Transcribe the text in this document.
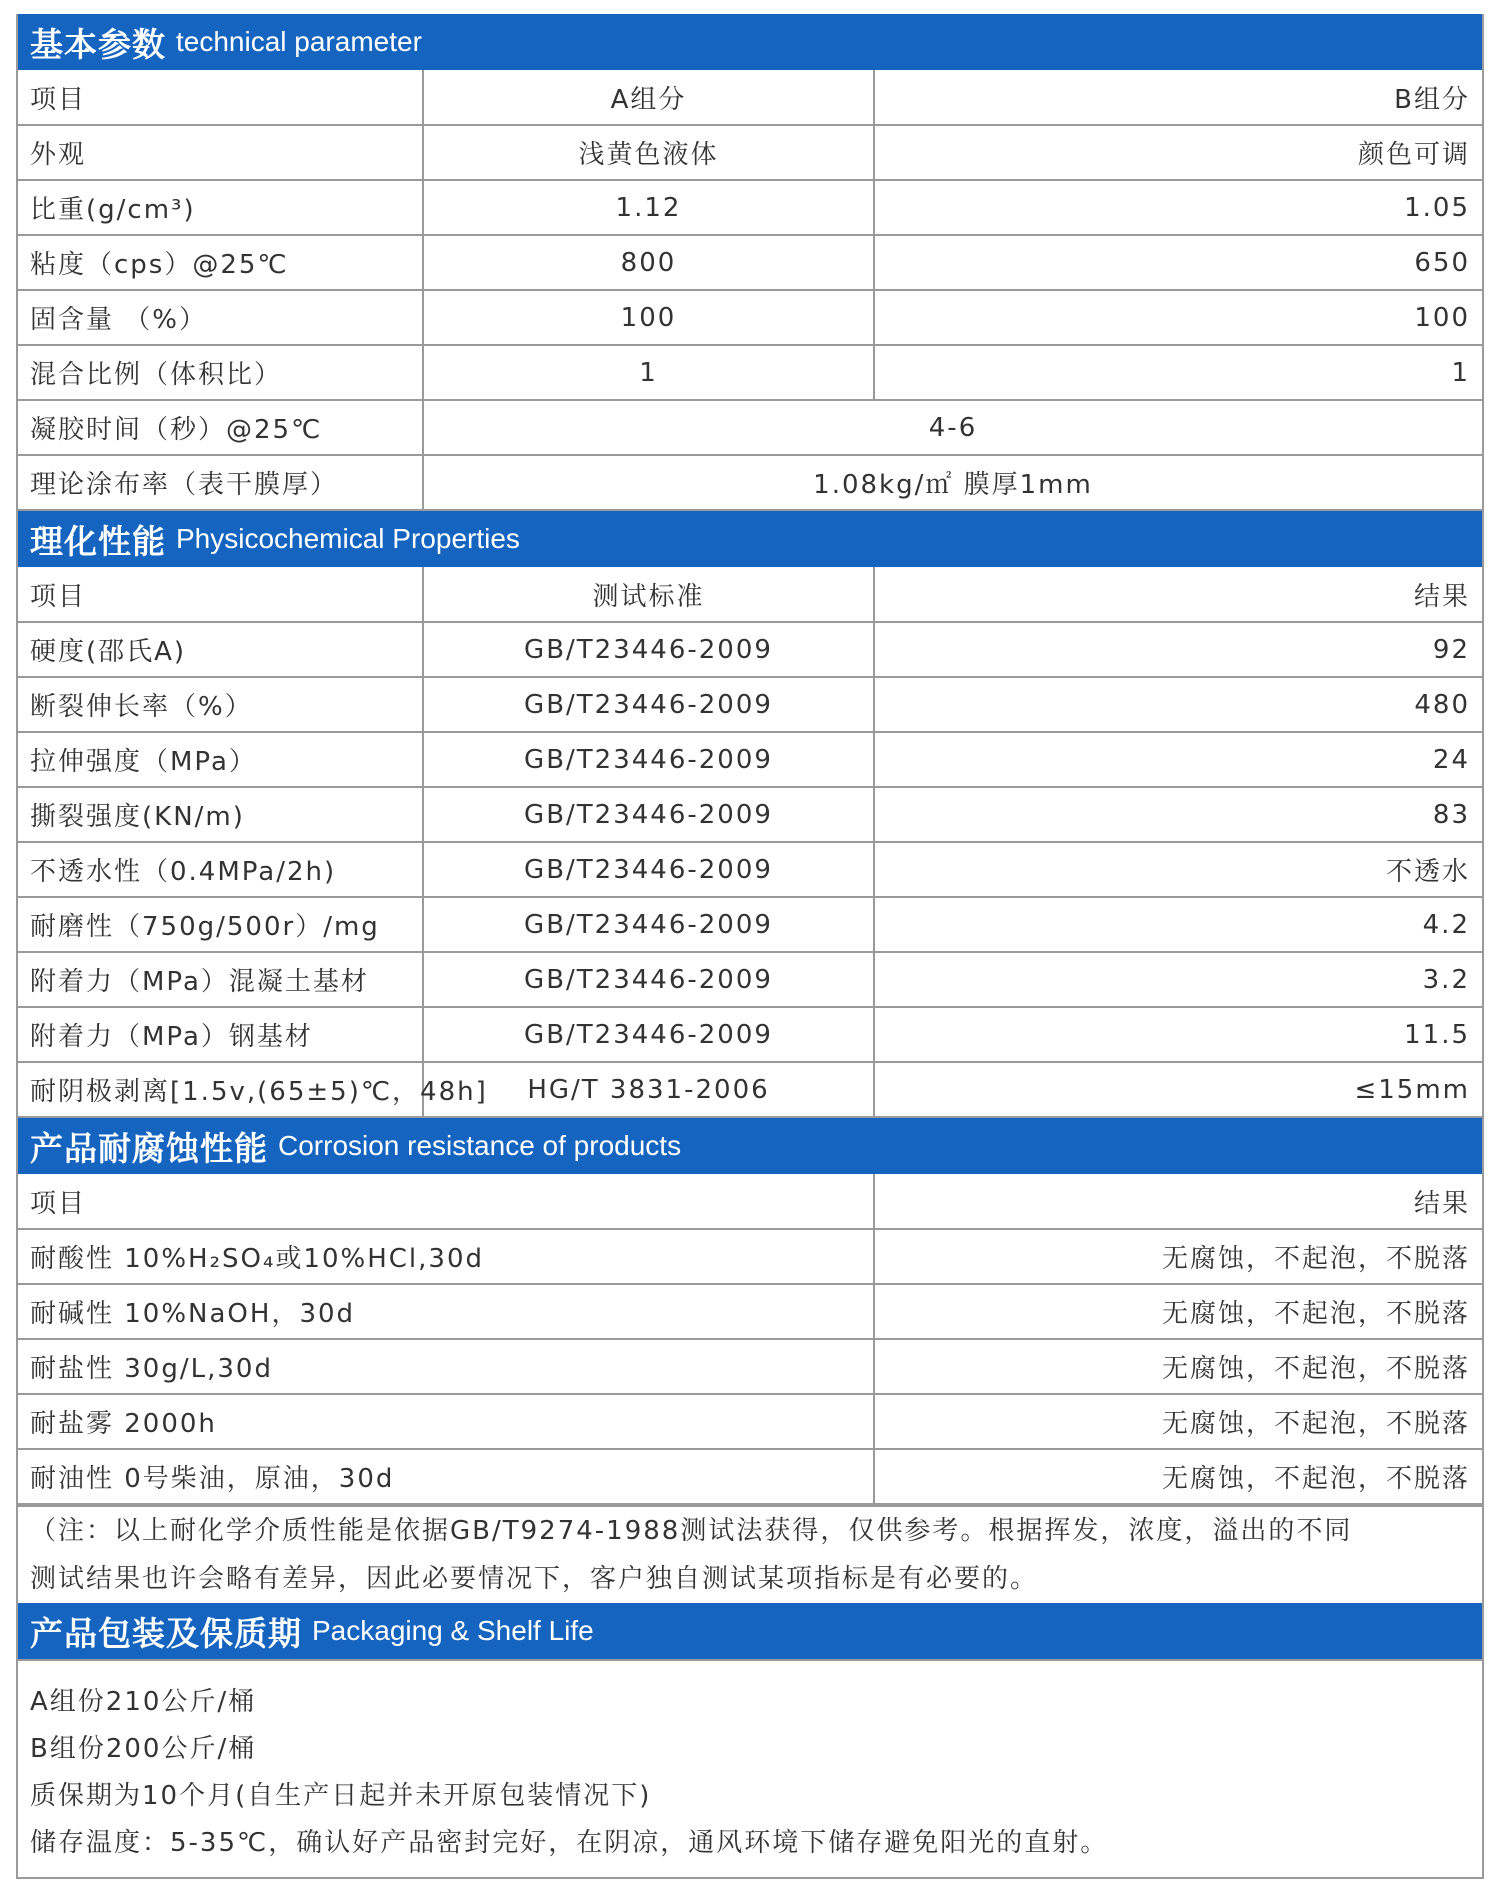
基本参数 technical parameter
项目	A组分	B组分
外观	浅黄色液体	颜色可调
比重(g/cm³)	1.12	1.05
粘度（cps）@25℃	800	650
固含量 （%）	100	100
混合比例（体积比）	1	1
凝胶时间（秒）@25℃	4-6	
理论涂布率（表干膜厚）	1.08kg/㎡ 膜厚1mm	
理化性能 Physicochemical Properties
项目	测试标准	结果
硬度(邵氏A)	GB/T23446-2009	92
断裂伸长率（%）	GB/T23446-2009	480
拉伸强度（MPa）	GB/T23446-2009	24
撕裂强度(KN/m)	GB/T23446-2009	83
不透水性（0.4MPa/2h)	GB/T23446-2009	不透水
耐磨性（750g/500r）/mg	GB/T23446-2009	4.2
附着力（MPa）混凝土基材	GB/T23446-2009	3.2
附着力（MPa）钢基材	GB/T23446-2009	11.5
耐阴极剥离[1.5v,(65±5)℃，48h]	HG/T 3831-2006	≤15mm
产品耐腐蚀性能 Corrosion resistance of products
项目	结果
耐酸性 10%H₂SO₄或10%HCl,30d	无腐蚀，不起泡，不脱落
耐碱性 10%NaOH，30d	无腐蚀，不起泡，不脱落
耐盐性 30g/L,30d	无腐蚀，不起泡，不脱落
耐盐雾 2000h	无腐蚀，不起泡，不脱落
耐油性 0号柴油，原油，30d	无腐蚀，不起泡，不脱落
（注：以上耐化学介质性能是依据GB/T9274-1988测试法获得，仅供参考。根据挥发，浓度，溢出的不同
测试结果也许会略有差异，因此必要情况下，客户独自测试某项指标是有必要的。
产品包装及保质期 Packaging & Shelf Life
A组份210公斤/桶
B组份200公斤/桶
质保期为10个月(自生产日起并未开原包装情况下)
储存温度：5-35℃，确认好产品密封完好，在阴凉，通风环境下储存避免阳光的直射。
